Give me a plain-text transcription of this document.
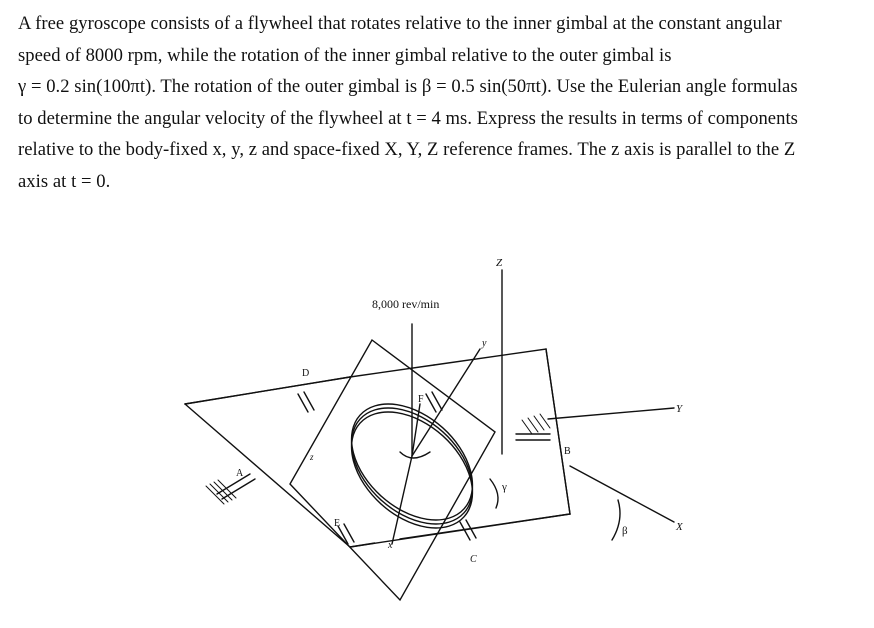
A free gyroscope consists of a flywheel that rotates relative to the inner gimbal at the constant angular

speed of 8000 rpm, while the rotation of the inner gimbal relative to the outer gimbal is

γ = 0.2 sin(100πt). The rotation of the outer gimbal is β = 0.5 sin(50πt). Use the Eulerian angle formulas

to determine the angular velocity of the flywheel at t = 4 ms. Express the results in terms of components

relative to the body-fixed x, y, z and space-fixed X, Y, Z reference frames. The z axis is parallel to the Z

axis at t = 0.

8,000 rev/min
Z
y
D
F
Y
B
z
A
γ
E
x
C
X
β
